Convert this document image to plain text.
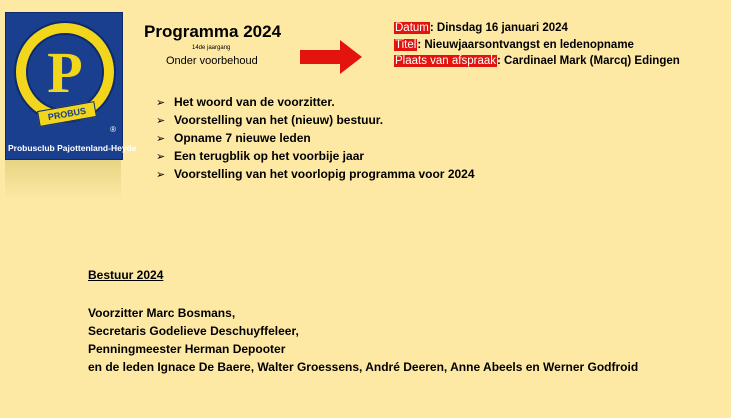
P
PROBUS
®
Probusclub Pajottenland-Heyde
Programma 2024
14de jaargang
Onder voorbehoud
Datum: Dinsdag 16 januari 2024
Titel: Nieuwjaarsontvangst en ledenopname
Plaats van afspraak: Cardinael Mark (Marcq) Edingen
➢ Het woord van de voorzitter.
➢ Voorstelling van het (nieuw) bestuur.
➢ Opname 7 nieuwe leden
➢ Een terugblik op het voorbije jaar
➢ Voorstelling van het voorlopig programma voor 2024
Bestuur 2024
Voorzitter Marc Bosmans,
Secretaris Godelieve Deschuyffeleer,
Penningmeester Herman Depooter
en de leden Ignace De Baere, Walter Groessens, André Deeren, Anne Abeels en Werner Godfroid
